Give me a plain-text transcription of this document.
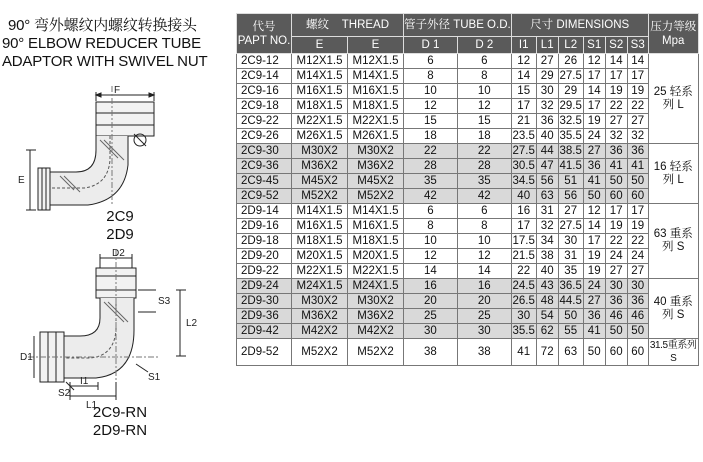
90° 弯外螺纹内螺纹转换接头
90° ELBOW REDUCER TUBE
ADAPTOR WITH SWIVEL NUT
F
E
D2
S3
L2
D1
S1
S2
I1
L1
2C9
2D9
2C9-RN
2D9-RN
代号
PAPT NO.	螺纹    THREAD		管子外径 TUBE O.D.		尺寸 DIMENSIONS						压力等级
Mpa
	E	E	D 1	D 2	I1	L1	L2	S1	S2	S3	
2C9-12	M12X1.5	M12X1.5	6	6	12	27	26	12	14	14	25 轻系列 L
2C9-14	M14X1.5	M14X1.5	8	8	14	29	27.5	17	17	17	
2C9-16	M16X1.5	M16X1.5	10	10	15	30	29	14	19	19	
2C9-18	M18X1.5	M18X1.5	12	12	17	32	29.5	17	22	22	
2C9-22	M22X1.5	M22X1.5	15	15	21	36	32.5	19	27	27	
2C9-26	M26X1.5	M26X1.5	18	18	23.5	40	35.5	24	32	32	
2C9-30	M30X2	M30X2	22	22	27.5	44	38.5	27	36	36	16 轻系列 L
2C9-36	M36X2	M36X2	28	28	30.5	47	41.5	36	41	41	
2C9-45	M45X2	M45X2	35	35	34.5	56	51	41	50	50	
2C9-52	M52X2	M52X2	42	42	40	63	56	50	60	60	
2D9-14	M14X1.5	M14X1.5	6	6	16	31	27	12	17	17	63 重系列 S
2D9-16	M16X1.5	M16X1.5	8	8	17	32	27.5	14	19	19	
2D9-18	M18X1.5	M18X1.5	10	10	17.5	34	30	17	22	22	
2D9-20	M20X1.5	M20X1.5	12	12	21.5	38	31	19	24	24	
2D9-22	M22X1.5	M22X1.5	14	14	22	40	35	19	27	27	
2D9-24	M24X1.5	M24X1.5	16	16	24.5	43	36.5	24	30	30	40 重系列 S
2D9-30	M30X2	M30X2	20	20	26.5	48	44.5	27	36	36	
2D9-36	M36X2	M36X2	25	25	30	54	50	36	46	46	
2D9-42	M42X2	M42X2	30	30	35.5	62	55	41	50	50	
2D9-52	M52X2	M52X2	38	38	41	72	63	50	60	60	31.5重系列S
